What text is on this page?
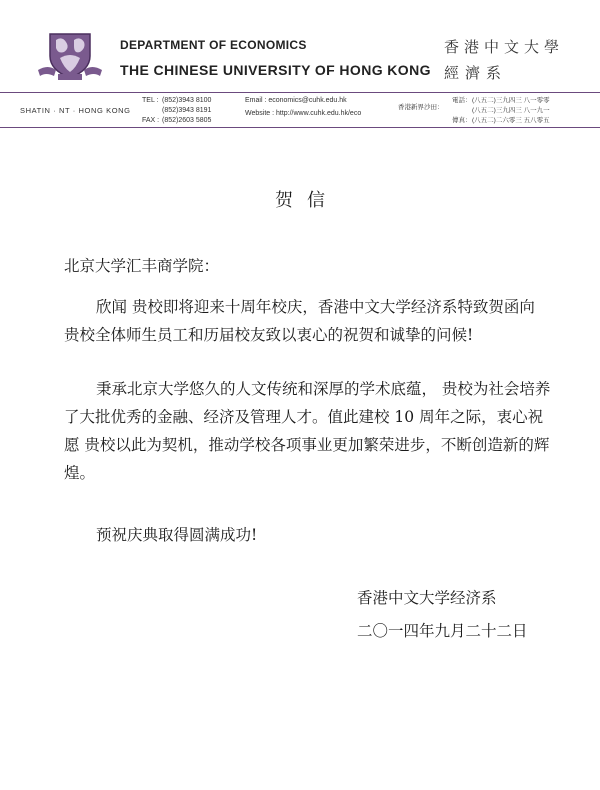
DEPARTMENT OF ECONOMICS
THE CHINESE UNIVERSITY OF HONG KONG
香港中文大學
經濟系
SHATIN · NT · HONG KONG
TEL : (852)3943 8100
(852)3943 8191
FAX : (852)2603 5805
Email : economics@cuhk.edu.hk
Website : http://www.cuhk.edu.hk/eco
香港新界沙田：
電話： (八五二)三九四三 八一零零
(八五二)三九四三 八一九一
傳真： (八五二)二六零三 五八零五
贺信
北京大学汇丰商学院：

欣闻 贵校即将迎来十周年校庆，香港中文大学经济系特致贺函向 贵校全体师生员工和历届校友致以衷心的祝贺和诚挚的问候!

秉承北京大学悠久的人文传统和深厚的学术底蕴， 贵校为社会培养了大批优秀的金融、经济及管理人才。值此建校 10 周年之际，衷心祝愿 贵校以此为契机，推动学校各项事业更加繁荣进步，不断创造新的辉煌。

预祝庆典取得圆满成功!

香港中文大学经济系
二〇一四年九月二十二日
